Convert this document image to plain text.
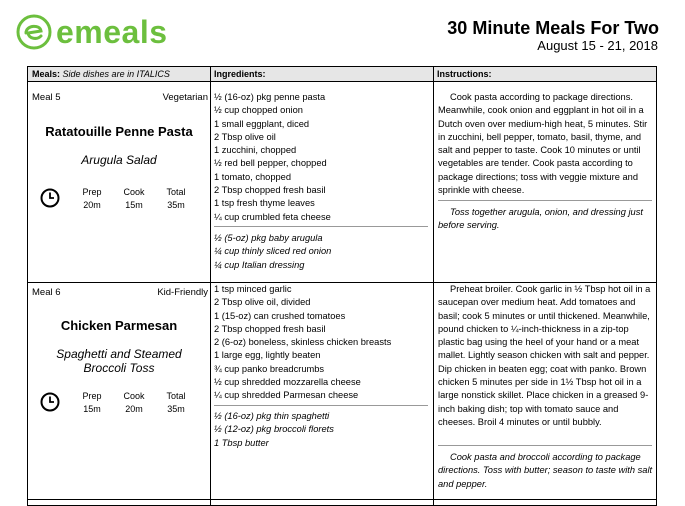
emeals	30 Minute Meals For Two
August 15 - 21, 2018
Meals: Side dishes are in ITALICS	Ingredients:	Instructions:
Meal 5	Vegetarian
Ratatouille Penne Pasta
Arugula Salad
Prep	Cook	Total
20m	15m	35m
½ (16-oz) pkg penne pasta
½ cup chopped onion
1 small eggplant, diced
2 Tbsp olive oil
1 zucchini, chopped
½ red bell pepper, chopped
1 tomato, chopped
2 Tbsp chopped fresh basil
1 tsp fresh thyme leaves
¼ cup crumbled feta cheese
½ (5-oz) pkg baby arugula
¼ cup thinly sliced red onion
¼ cup Italian dressing

Cook pasta according to package directions. Meanwhile, cook onion and eggplant in hot oil in a Dutch oven over medium-high heat, 5 minutes. Stir in zucchini, bell pepper, tomato, basil, thyme, and salt and pepper to taste. Cook 10 minutes or until vegetables are tender. Cook pasta according to package directions; toss with veggie mixture and sprinkle with cheese.

Toss together arugula, onion, and dressing just before serving.

Meal 6	Kid-Friendly
Chicken Parmesan
Spaghetti and Steamed Broccoli Toss
Prep	Cook	Total
15m	20m	35m
1 tsp minced garlic
2 Tbsp olive oil, divided
1 (15-oz) can crushed tomatoes
2 Tbsp chopped fresh basil
2 (6-oz) boneless, skinless chicken breasts
1 large egg, lightly beaten
¾ cup panko breadcrumbs
½ cup shredded mozzarella cheese
¼ cup shredded Parmesan cheese
½ (16-oz) pkg thin spaghetti
½ (12-oz) pkg broccoli florets
1 Tbsp butter

Preheat broiler. Cook garlic in ½ Tbsp hot oil in a saucepan over medium heat. Add tomatoes and basil; cook 5 minutes or until thickened. Meanwhile, pound chicken to ¼-inch-thickness in a zip-top plastic bag using the heel of your hand or a meat mallet. Lightly season chicken with salt and pepper. Dip chicken in beaten egg; coat with panko. Brown chicken 5 minutes per side in 1½ Tbsp hot oil in a large nonstick skillet. Place chicken in a greased 9-inch baking dish; top with tomato sauce and cheeses. Broil 4 minutes or until bubbly.

Cook pasta and broccoli according to package directions. Toss with butter; season to taste with salt and pepper.
